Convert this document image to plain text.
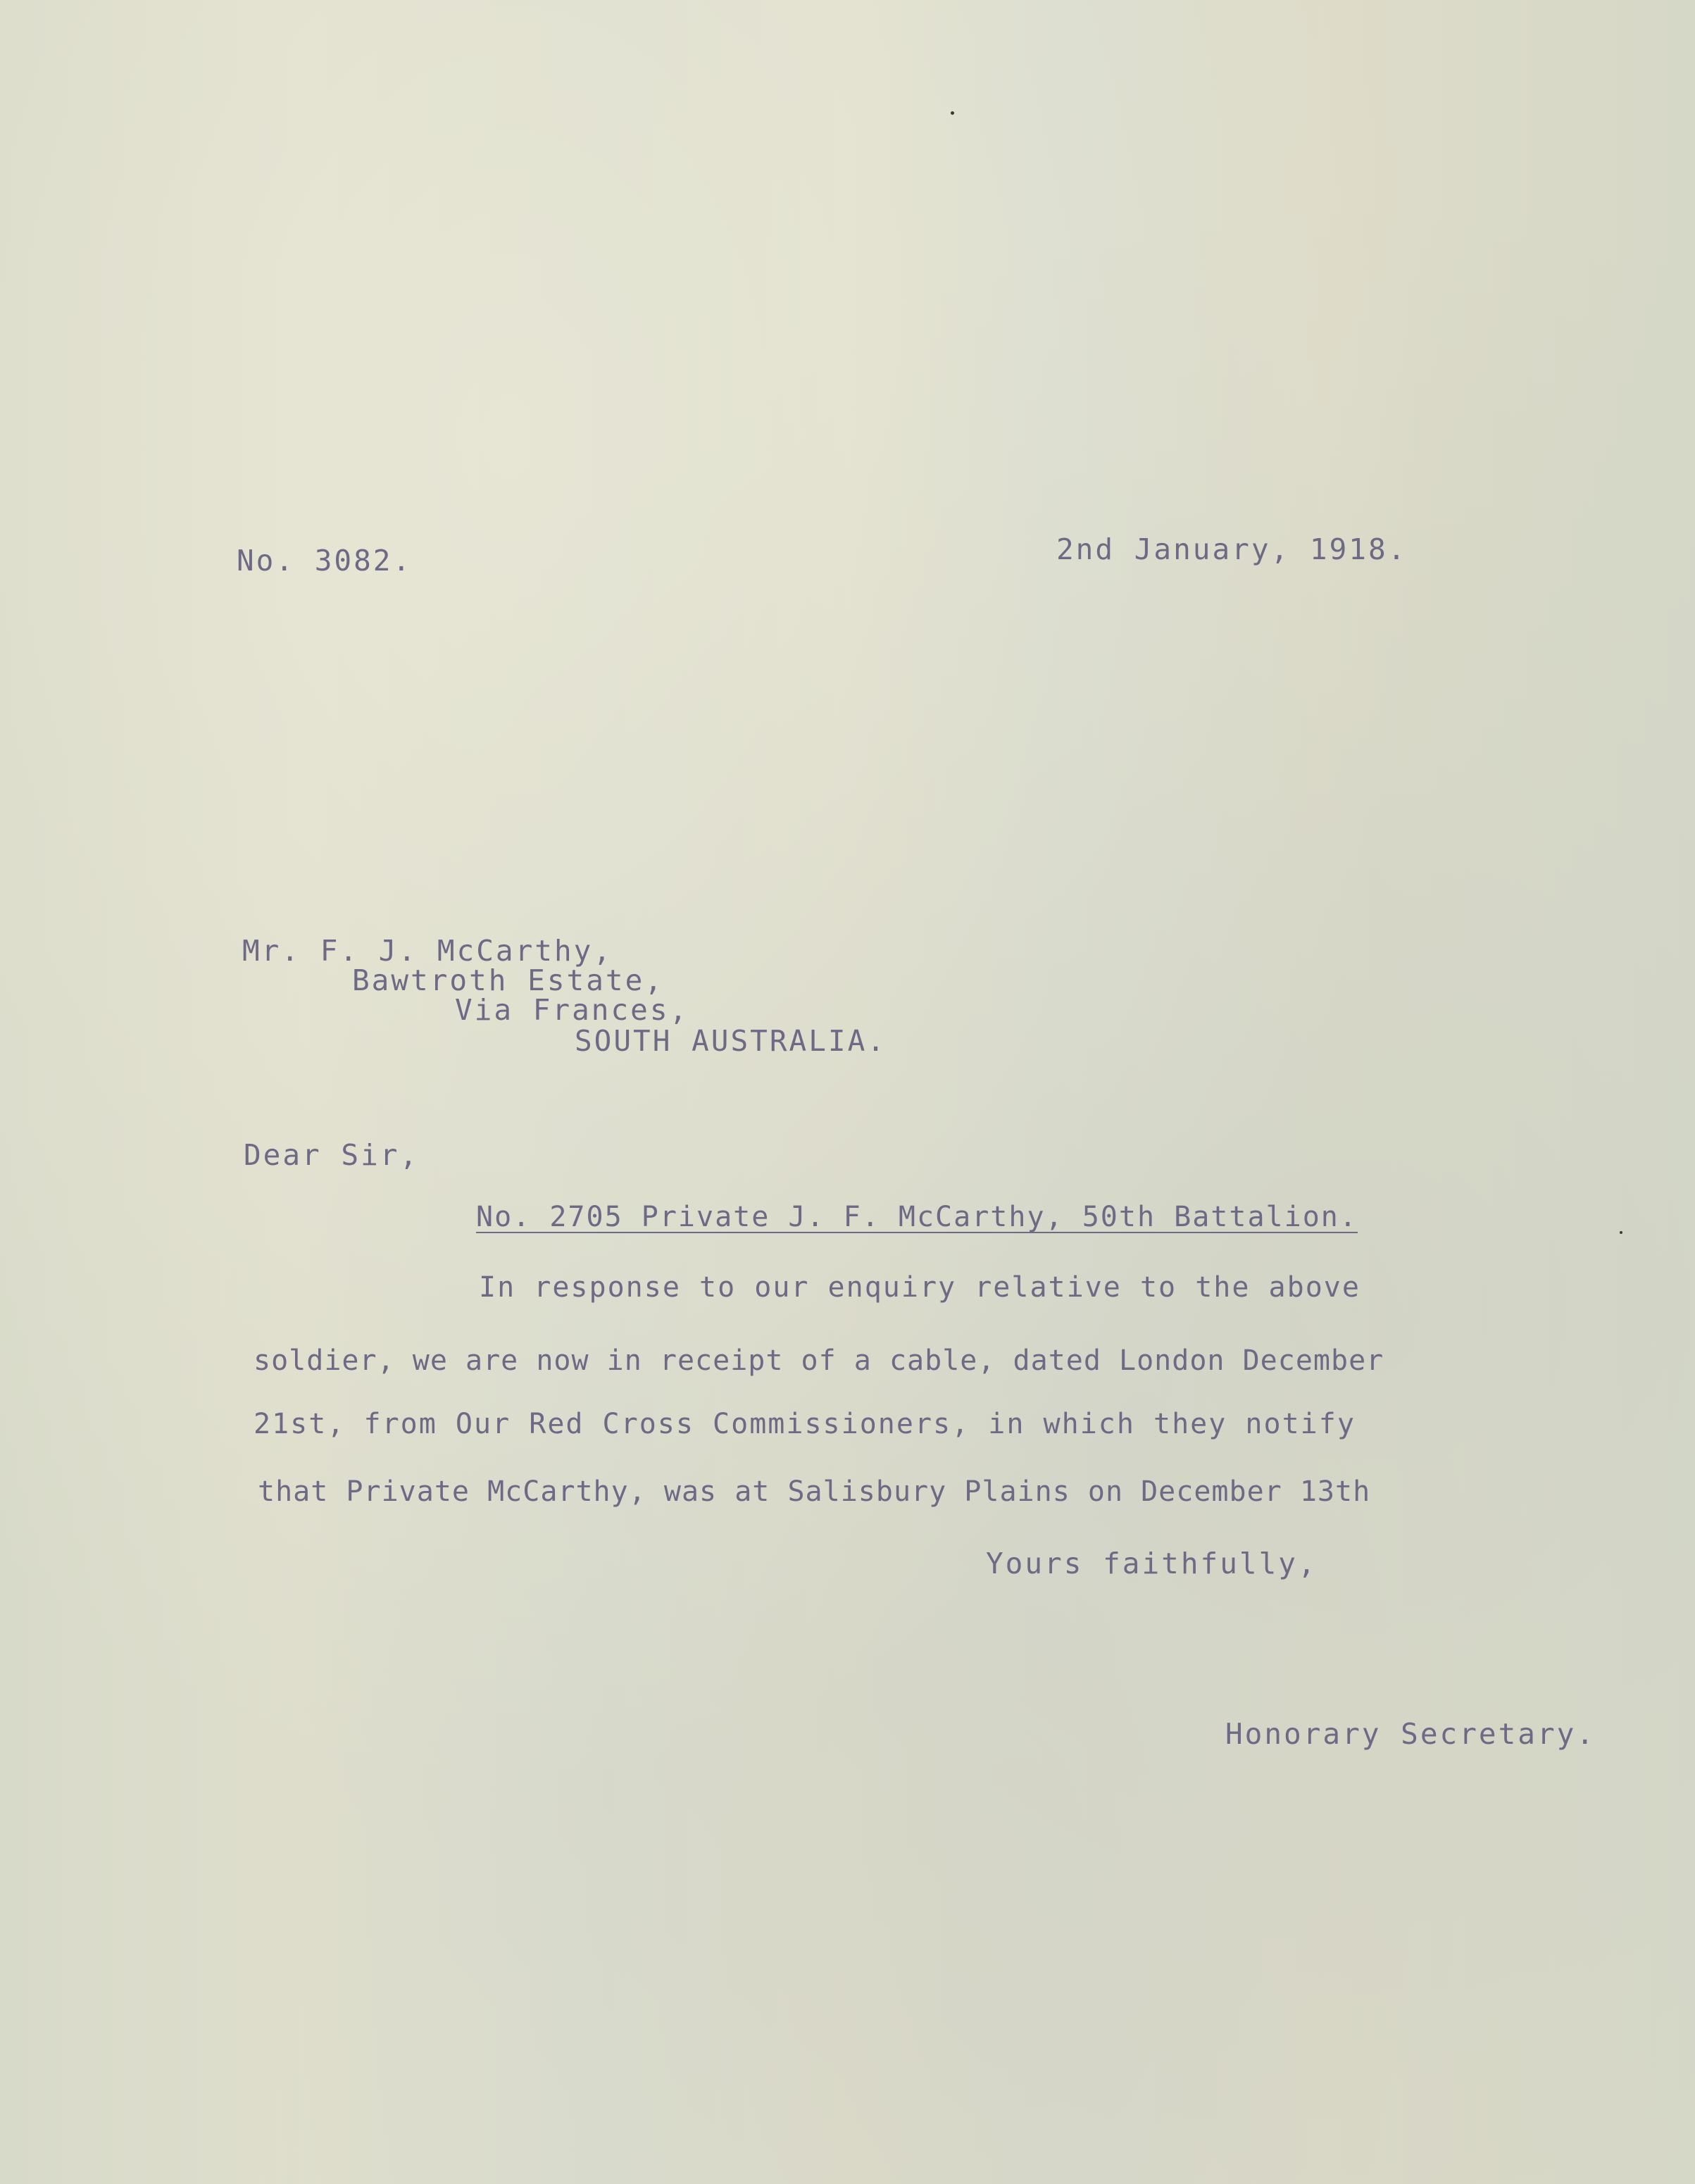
No. 3082.	2nd January, 1918.
Mr. F. J. McCarthy,
Bawtroth Estate,
Via Frances,
SOUTH AUSTRALIA.
Dear Sir,
No. 2705 Private J. F. McCarthy, 50th Battalion.
In response to our enquiry relative to the above
soldier, we are now in receipt of a cable, dated London December
21st, from Our Red Cross Commissioners, in which they notify
that Private McCarthy, was at Salisbury Plains on December 13th
Yours faithfully,
Honorary Secretary.
